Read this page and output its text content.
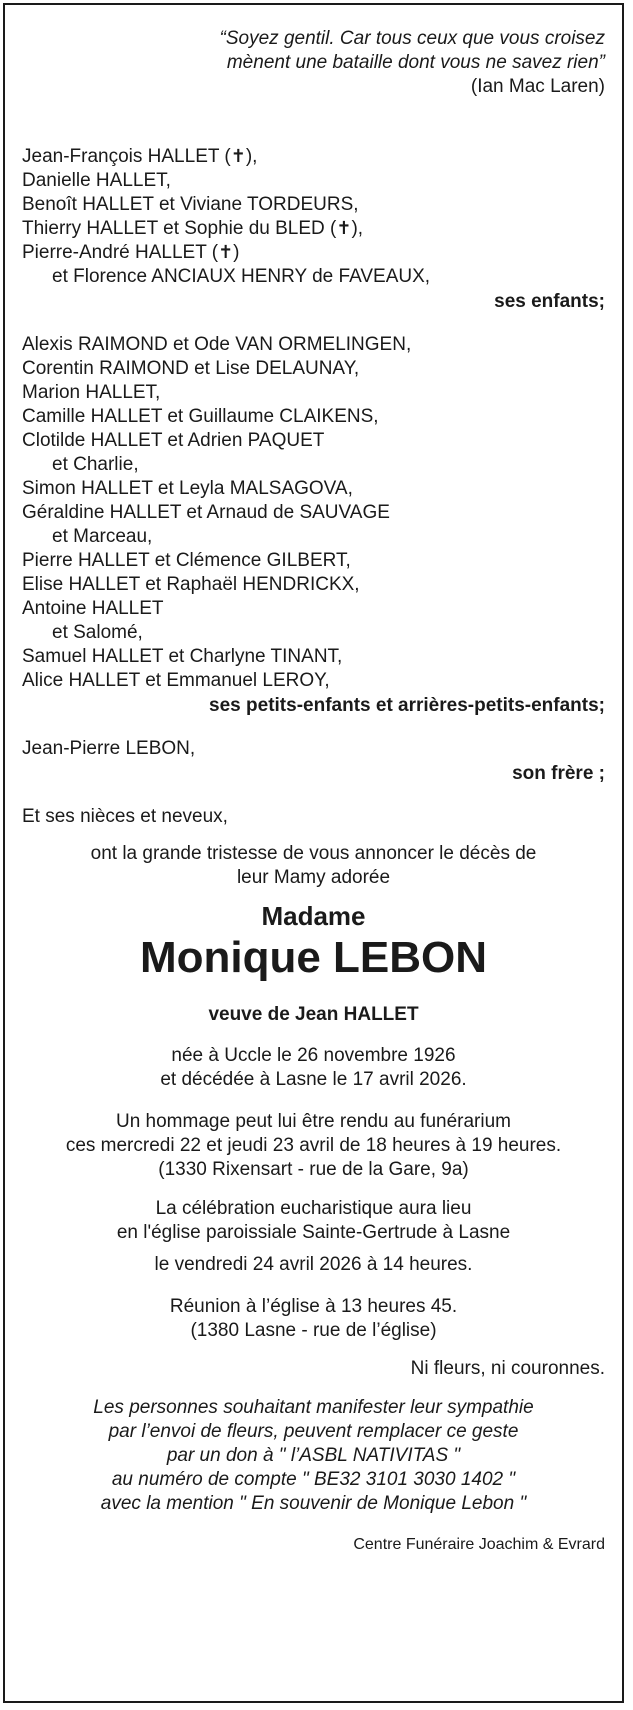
“Soyez gentil. Car tous ceux que vous croisez
mènent une bataille dont vous ne savez rien”
(Ian Mac Laren)
Jean-François HALLET (✝),
Danielle HALLET,
Benoît HALLET et Viviane TORDEURS,
Thierry HALLET et Sophie du BLED (✝),
Pierre-André HALLET (✝)
et Florence ANCIAUX HENRY de FAVEAUX,
ses enfants;
Alexis RAIMOND et Ode VAN ORMELINGEN,
Corentin RAIMOND et Lise DELAUNAY,
Marion HALLET,
Camille HALLET et Guillaume CLAIKENS,
Clotilde HALLET et Adrien PAQUET
et Charlie,
Simon HALLET et Leyla MALSAGOVA,
Géraldine HALLET et Arnaud de SAUVAGE
et Marceau,
Pierre HALLET et Clémence GILBERT,
Elise HALLET et Raphaël HENDRICKX,
Antoine HALLET
et Salomé,
Samuel HALLET et Charlyne TINANT,
Alice HALLET et Emmanuel LEROY,
ses petits-enfants et arrières-petits-enfants;
Jean-Pierre LEBON,
son frère ;
Et ses nièces et neveux,
ont la grande tristesse de vous annoncer le décès de
leur Mamy adorée
Madame
Monique LEBON
veuve de Jean HALLET
née à Uccle le 26 novembre 1926
et décédée à Lasne le 17 avril 2026.
Un hommage peut lui être rendu au funérarium
ces mercredi 22 et jeudi 23 avril de 18 heures à 19 heures.
(1330 Rixensart - rue de la Gare, 9a)
La célébration eucharistique aura lieu
en l'église paroissiale Sainte-Gertrude à Lasne
le vendredi 24 avril 2026 à 14 heures.
Réunion à l’église à 13 heures 45.
(1380 Lasne - rue de l’église)
Ni fleurs, ni couronnes.
Les personnes souhaitant manifester leur sympathie
par l’envoi de fleurs, peuvent remplacer ce geste
par un don à " l’ASBL NATIVITAS "
au numéro de compte " BE32 3101 3030 1402 "
avec la mention " En souvenir de Monique Lebon "
Centre Funéraire Joachim & Evrard
